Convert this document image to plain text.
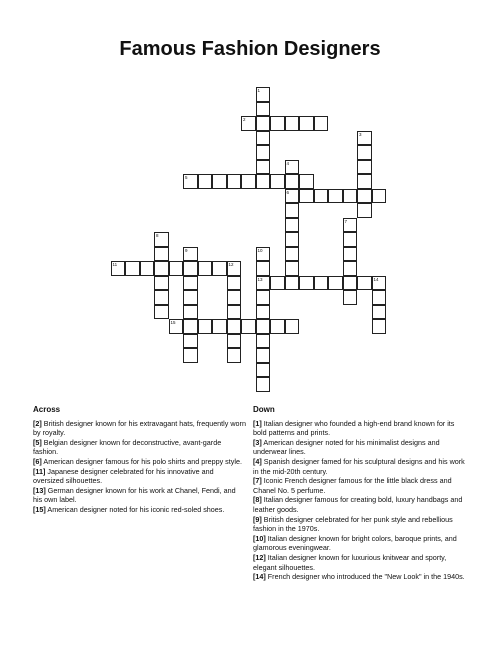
Famous Fashion Designers
1
2
3
4
6
5
7
8
9	10
13
11	12
14
15
Across

[2] British designer known for his extravagant hats, frequently worn by royalty.

[5] Belgian designer known for deconstructive, avant-garde fashion.

[6] American designer famous for his polo shirts and preppy style.

[11] Japanese designer celebrated for his innovative and oversized silhouettes.

[13] German designer known for his work at Chanel, Fendi, and his own label.

[15] American designer noted for his iconic red-soled shoes.

Down

[1] Italian designer who founded a high-end brand known for its bold patterns and prints.

[3] American designer noted for his minimalist designs and underwear lines.

[4] Spanish designer famed for his sculptural designs and his work in the mid-20th century.

[7] Iconic French designer famous for the little black dress and Chanel No. 5 perfume.

[8] Italian designer famous for creating bold, luxury handbags and leather goods.

[9] British designer celebrated for her punk style and rebellious fashion in the 1970s.

[10] Italian designer known for bright colors, baroque prints, and glamorous eveningwear.

[12] Italian designer known for luxurious knitwear and sporty, elegant silhouettes.

[14] French designer who introduced the "New Look" in the 1940s.
